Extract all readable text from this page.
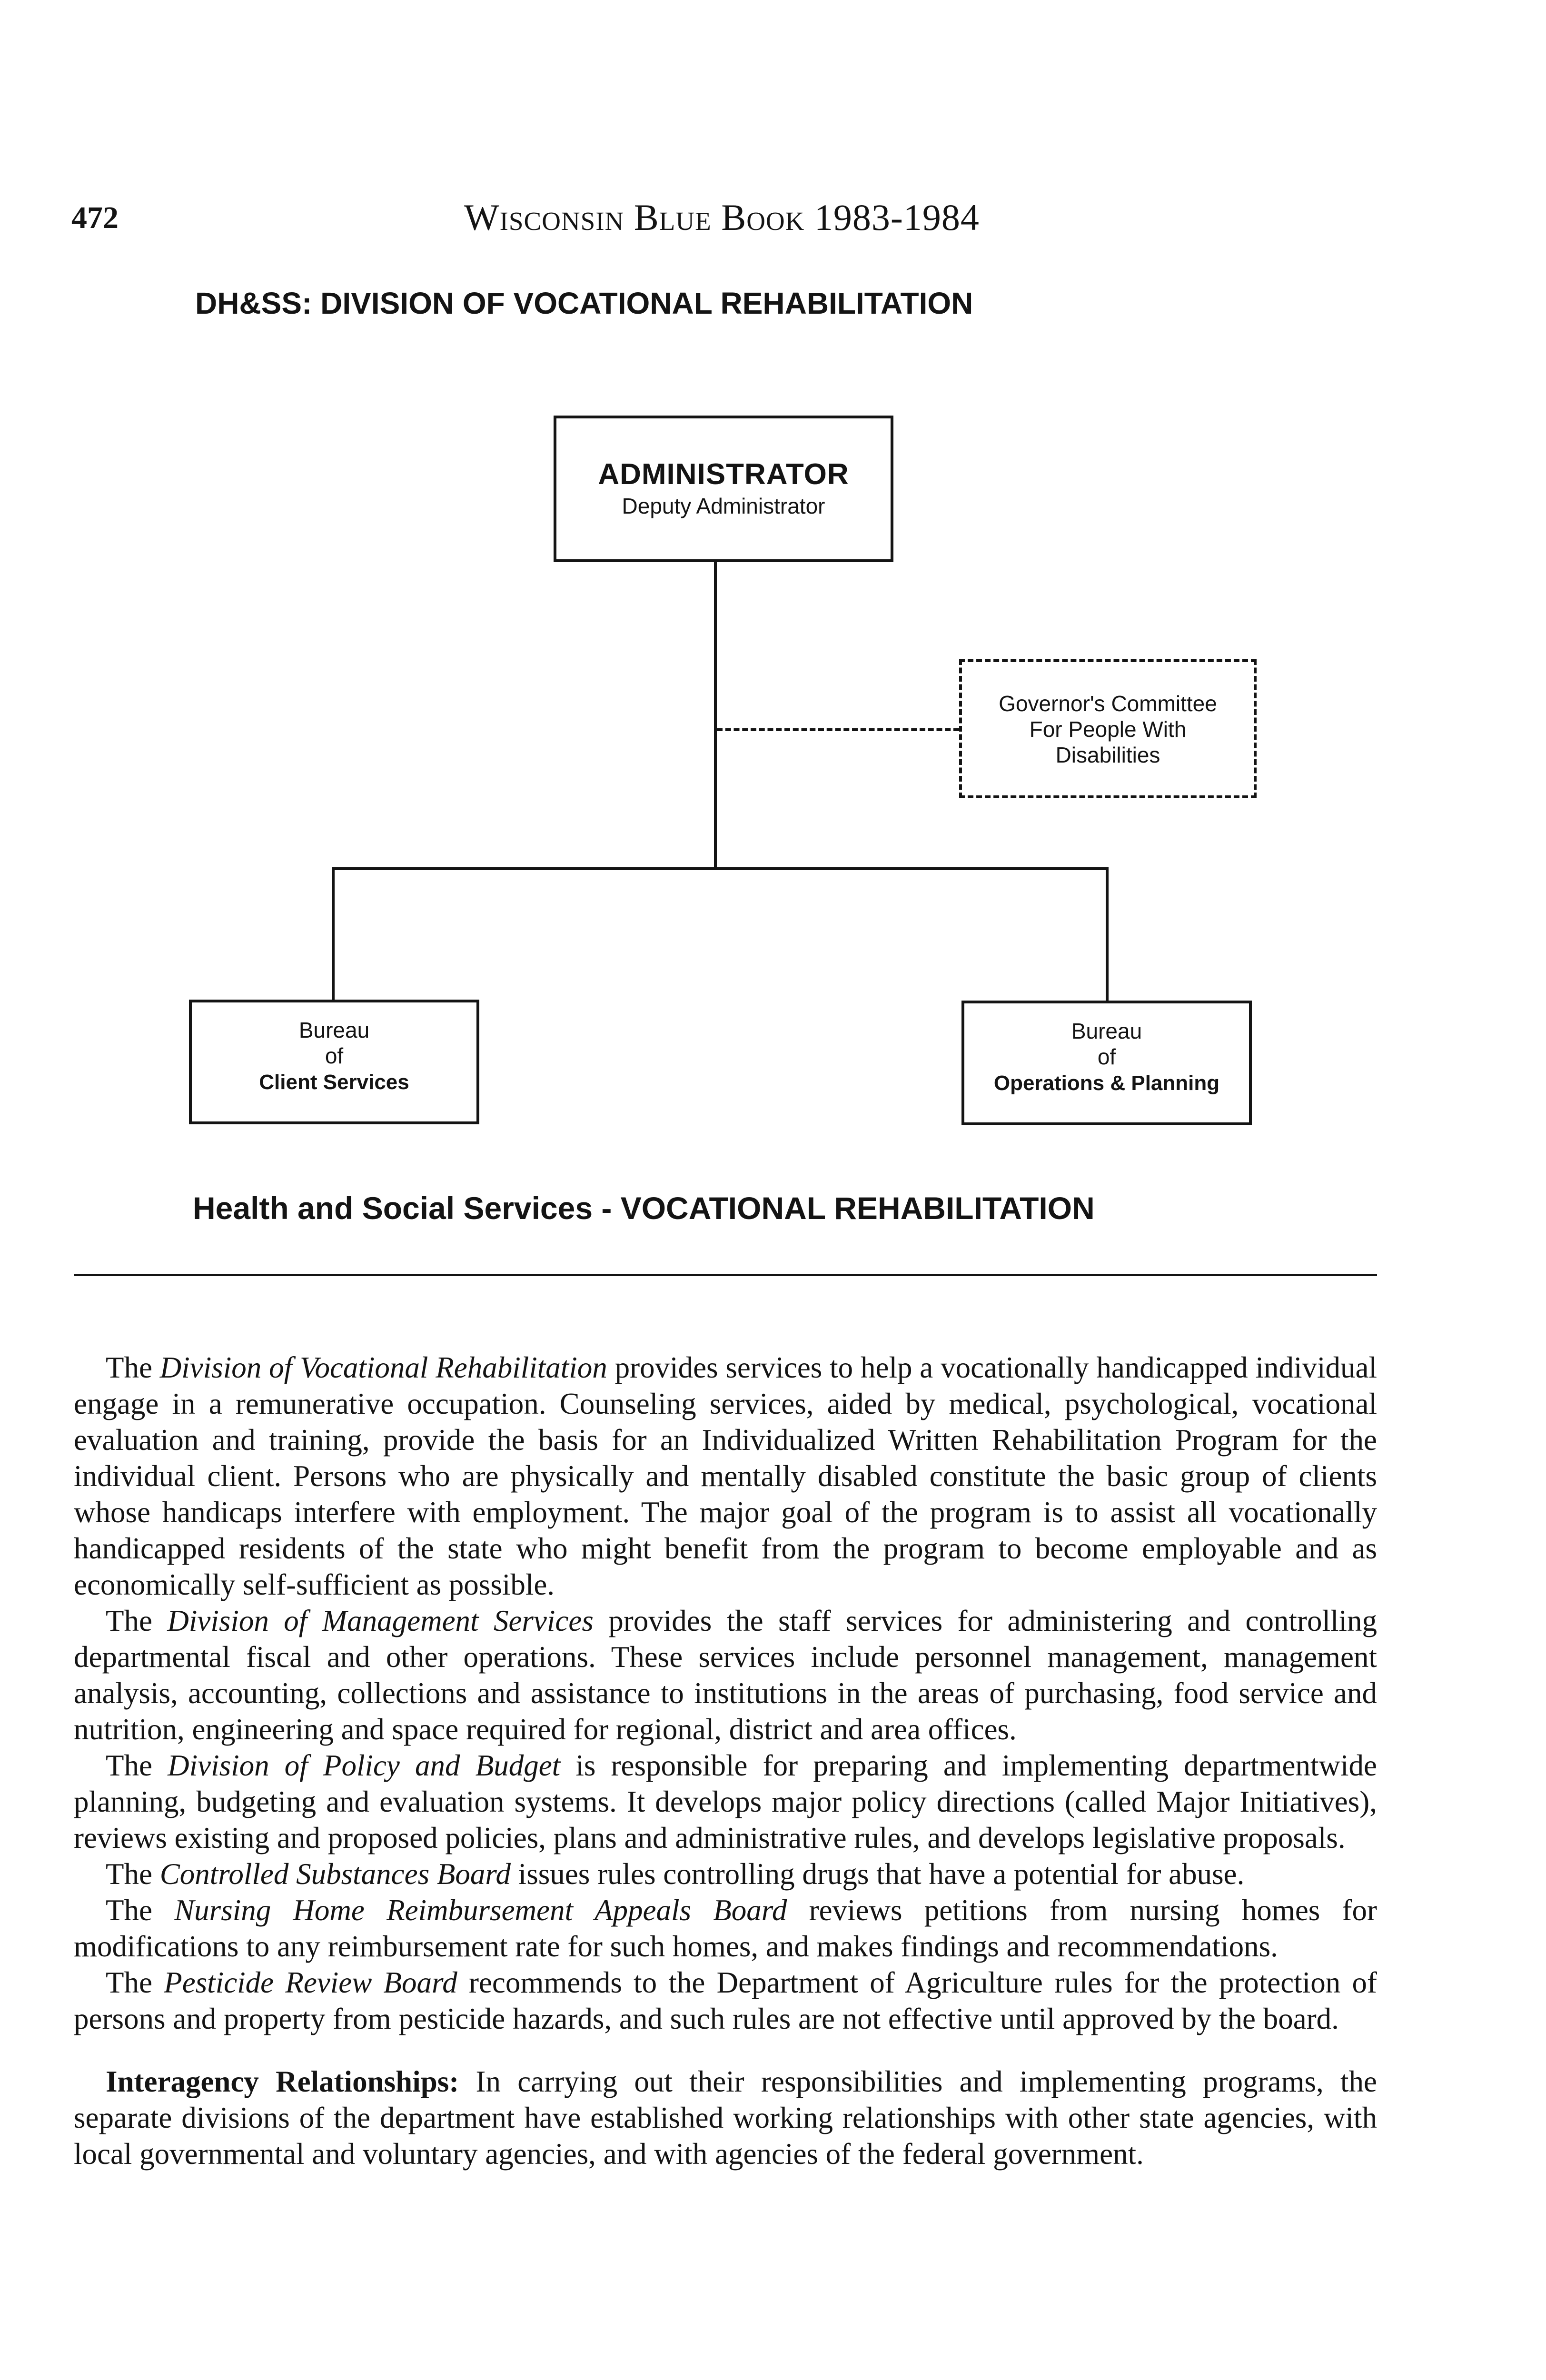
472	Wisconsin Blue Book 1983-1984
DH&SS: DIVISION OF VOCATIONAL REHABILITATION
ADMINISTRATOR
Deputy Administrator
Governor's Committee
For People With
Disabilities
Bureau
of
Client Services
Bureau
of
Operations & Planning
Health and Social Services - VOCATIONAL REHABILITATION

The Division of Vocational Rehabilitation provides services to help a vocationally handicapped individual engage in a remunerative occupation. Counseling services, aided by medical, psychological, vocational evaluation and training, provide the basis for an Individualized Written Rehabilitation Program for the individual client. Persons who are physically and mentally disabled constitute the basic group of clients whose handicaps interfere with employment. The major goal of the program is to assist all vocationally handicapped residents of the state who might benefit from the program to become employable and as economically self-sufficient as possible.

The Division of Management Services provides the staff services for administering and controlling departmental fiscal and other operations. These services include personnel management, management analysis, accounting, collections and assistance to institutions in the areas of purchasing, food service and nutrition, engineering and space required for regional, district and area offices.

The Division of Policy and Budget is responsible for preparing and implementing departmentwide planning, budgeting and evaluation systems. It develops major policy directions (called Major Initiatives), reviews existing and proposed policies, plans and administrative rules, and develops legislative proposals.

The Controlled Substances Board issues rules controlling drugs that have a potential for abuse.

The Nursing Home Reimbursement Appeals Board reviews petitions from nursing homes for modifications to any reimbursement rate for such homes, and makes findings and recommendations.

The Pesticide Review Board recommends to the Department of Agriculture rules for the protection of persons and property from pesticide hazards, and such rules are not effective until approved by the board.

Interagency Relationships: In carrying out their responsibilities and implementing programs, the separate divisions of the department have established working relationships with other state agencies, with local governmental and voluntary agencies, and with agencies of the federal government.
